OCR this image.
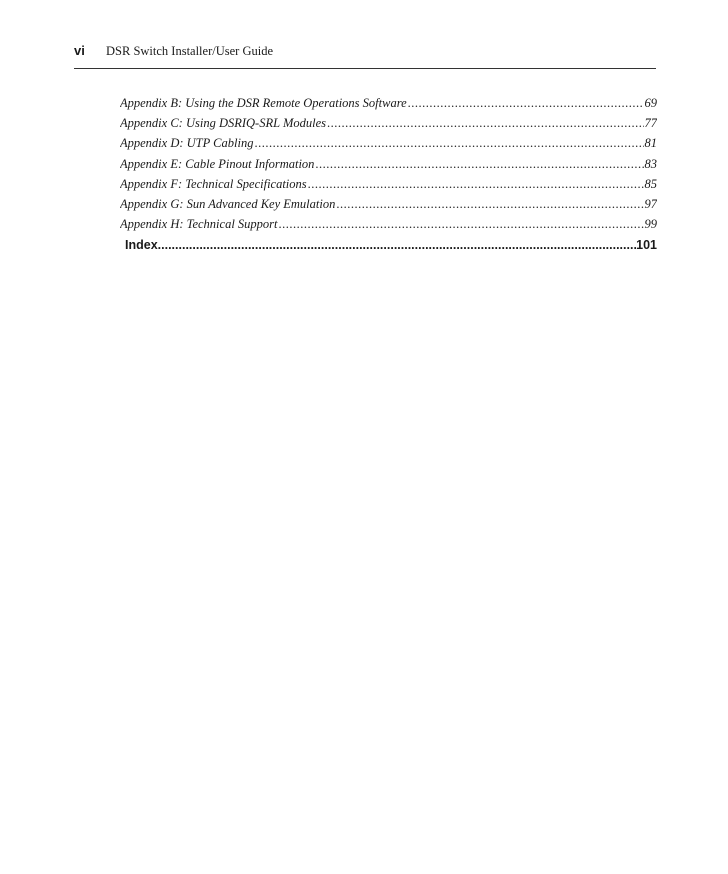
vi DSR Switch Installer/User Guide
Appendix B: Using the DSR Remote Operations Software .....	69
Appendix C: Using DSRIQ-SRL Modules .....	77
Appendix D: UTP Cabling .....	81
Appendix E: Cable Pinout Information .....	83
Appendix F: Technical Specifications .....	85
Appendix G: Sun Advanced Key Emulation .....	97
Appendix H: Technical Support .....	99
Index .....	101
